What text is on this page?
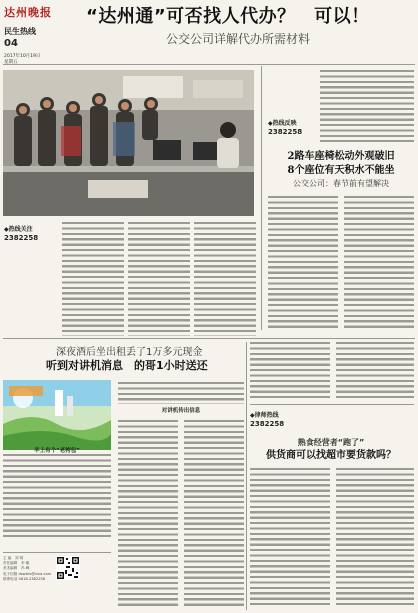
达州晚报
民生热线
04
2017年10月19日
星期五
“达州通”可否找人代办？　可以！
公交公司详解代办所需材料
◆热线关注
2382258
◆热线反映
2382258
2路车座椅松动外观破旧
8个座位有天积水不能坐
公交公司：春节前有望解决
深夜酒后坐出租丢了1万多元现金
听到对讲机消息　的哥1小时送还
对讲机传出信息
半上有个“老挎包”
◆律师热线
2382258
熟食经营者“跑了”
供货商可以找超市要货款吗？
主 编　刘 明
责任编辑　李 娜
美术编辑　冯 峰
电子信箱 dzwbrx@sina.com
联系电话 0818-2382258
